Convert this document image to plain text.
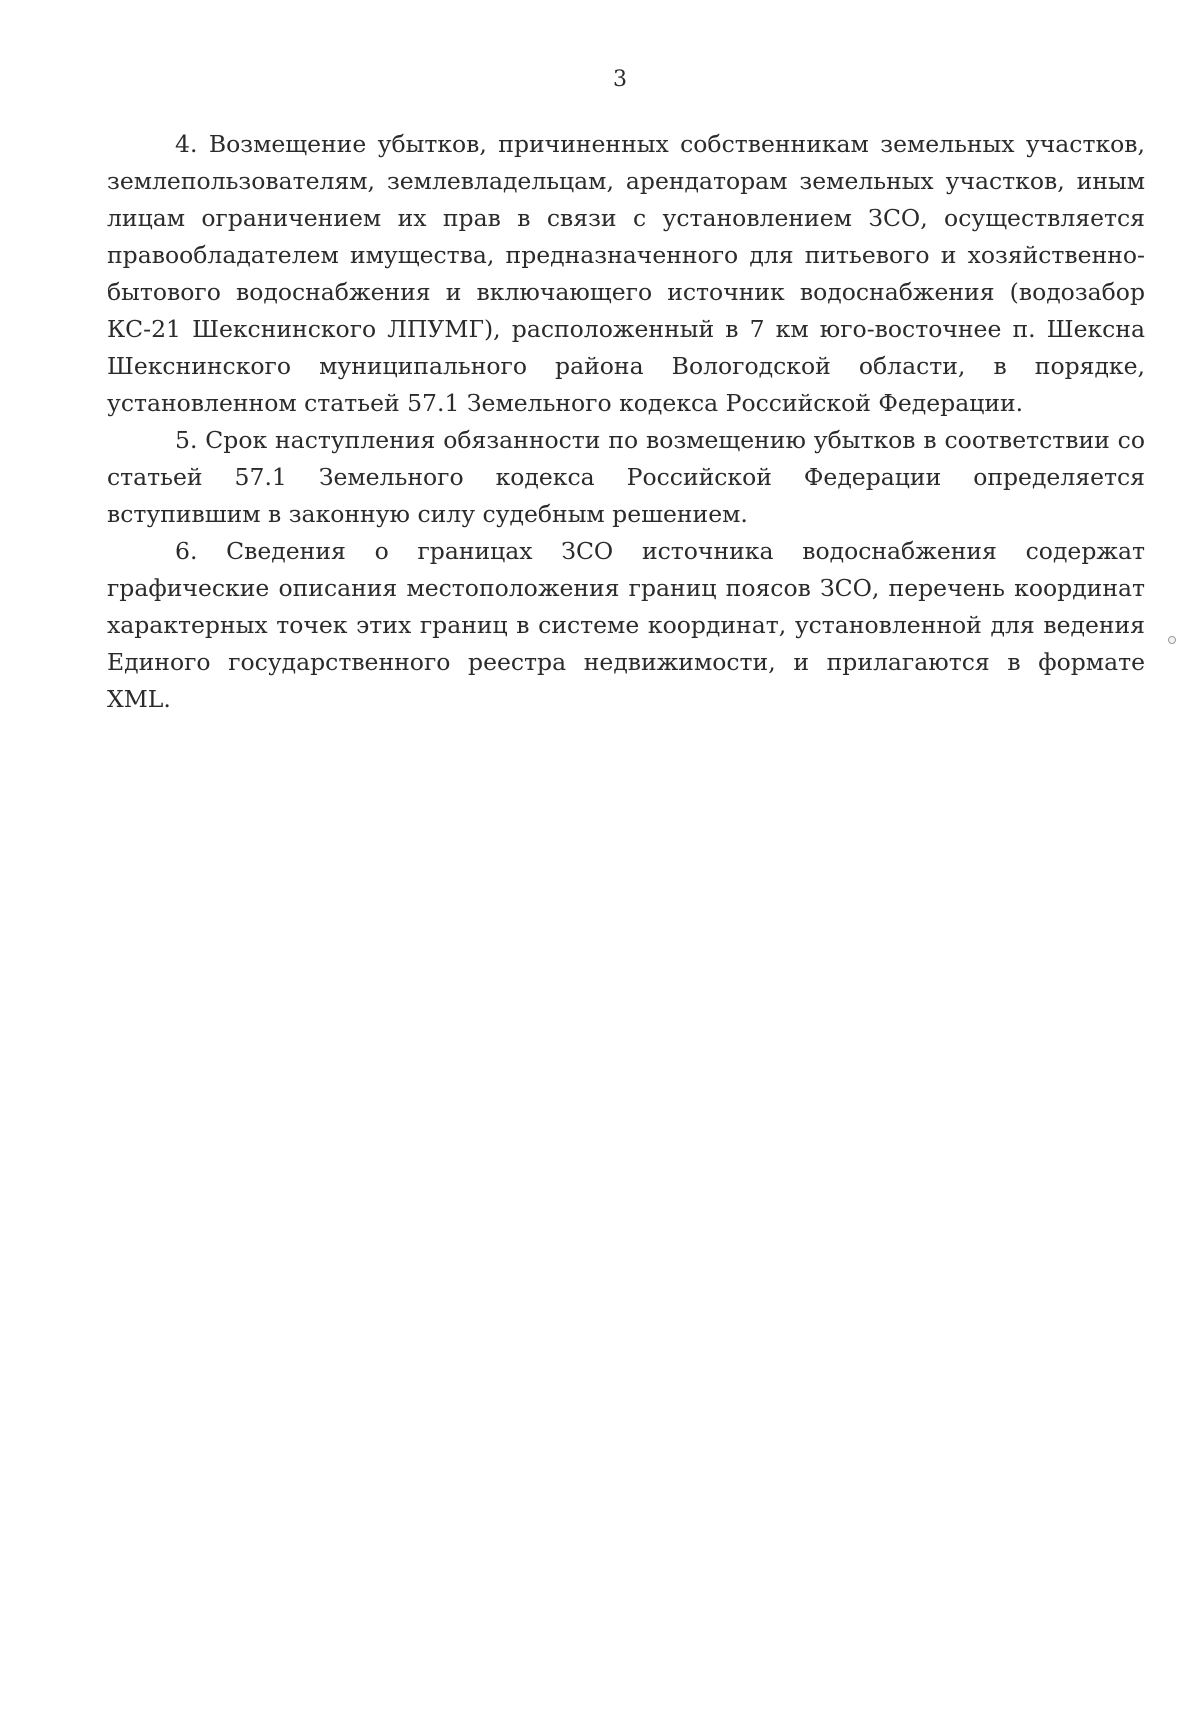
3

4. Возмещение убытков, причиненных собственникам земельных участков, землепользователям, землевладельцам, арендаторам земельных участков, иным лицам ограничением их прав в связи с установлением ЗСО, осуществляется правообладателем имущества, предназначенного для питьевого и хозяйственно-бытового водоснабжения и включающего источник водоснабжения (водозабор КС-21 Шекснинского ЛПУМГ), расположенный в 7 км юго-восточнее п. Шексна Шекснинского муниципального района Вологодской области, в порядке, установленном статьей 57.1 Земельного кодекса Российской Федерации.

5. Срок наступления обязанности по возмещению убытков в соответствии со статьей 57.1 Земельного кодекса Российской Федерации определяется вступившим в законную силу судебным решением.

6. Сведения о границах ЗСО источника водоснабжения содержат графические описания местоположения границ поясов ЗСО, перечень координат характерных точек этих границ в системе координат, установленной для ведения Единого государственного реестра недвижимости, и прилагаются в формате XML.
